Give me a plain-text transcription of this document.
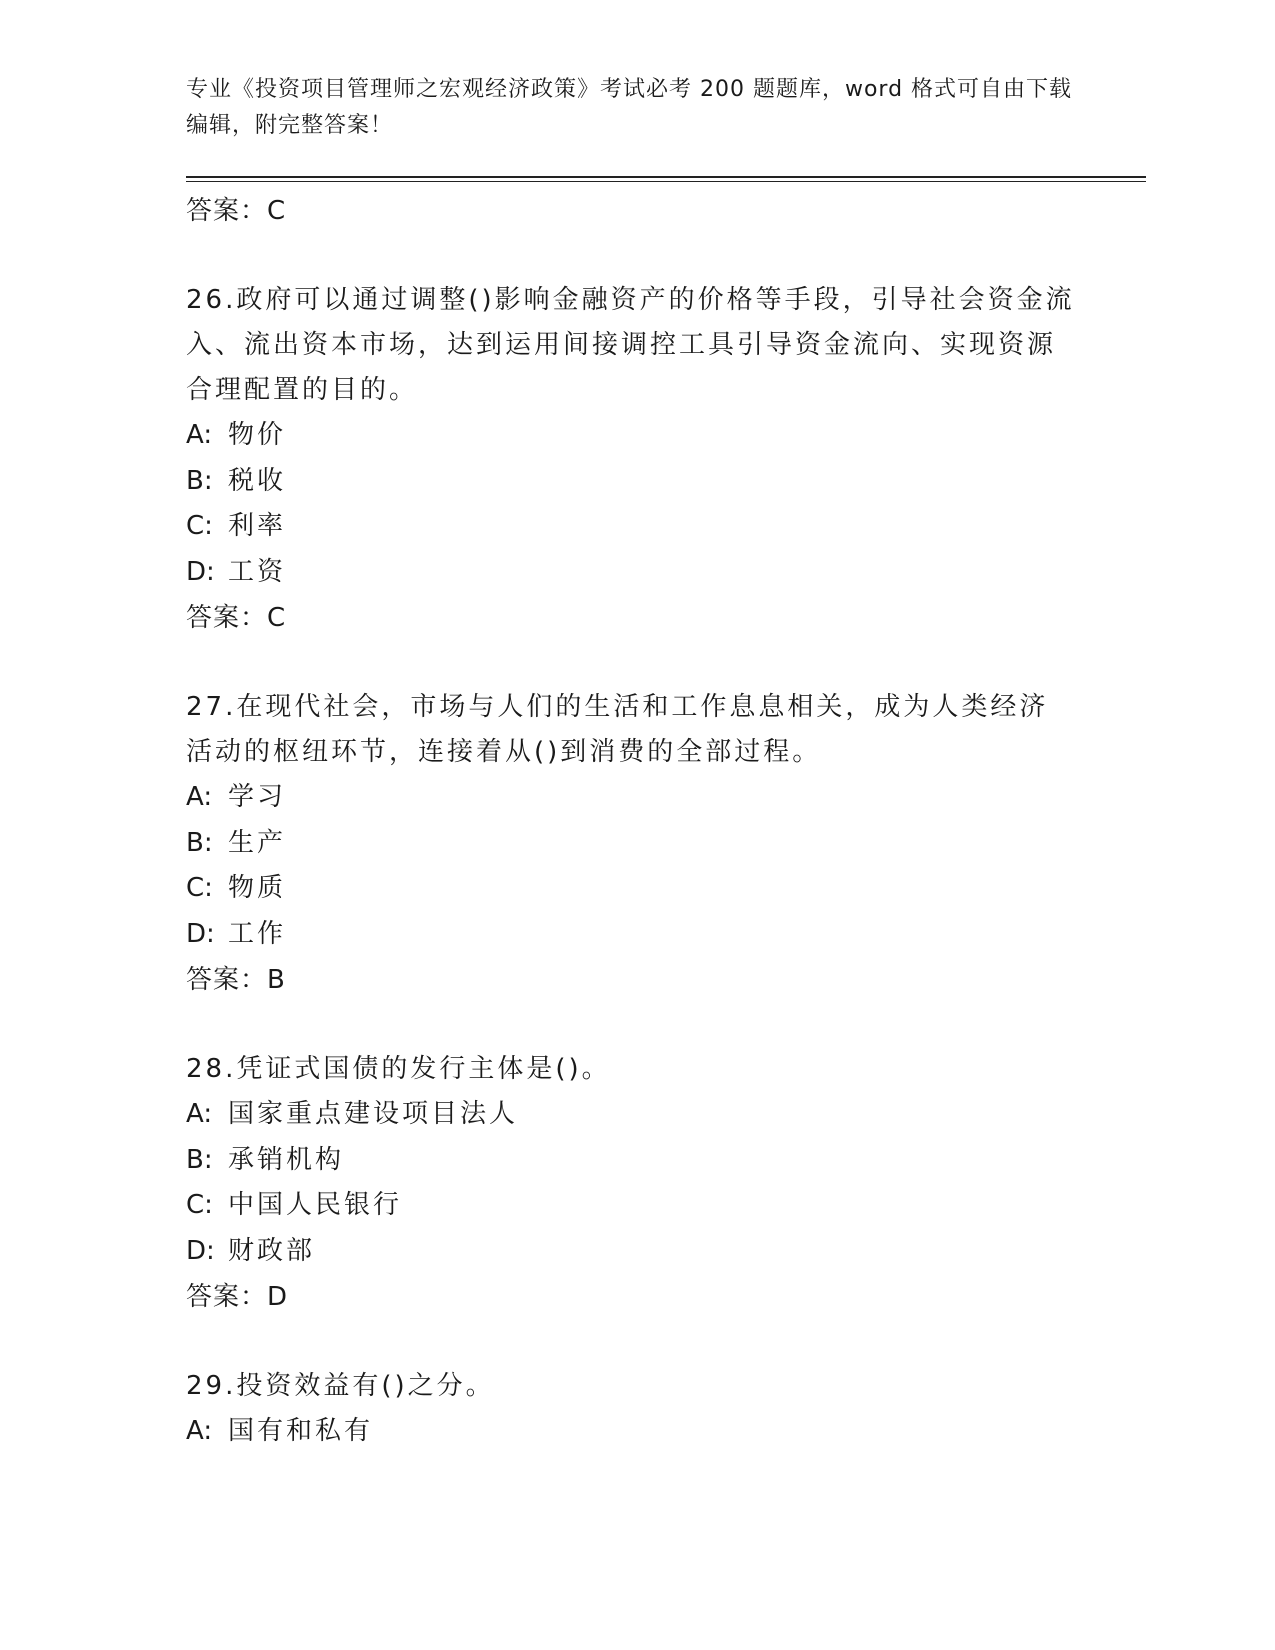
专业《投资项目管理师之宏观经济政策》考试必考 200 题题库，word 格式可自由下载编辑，附完整答案！

答案：C

26.政府可以通过调整()影响金融资产的价格等手段，引导社会资金流入、流出资本市场，达到运用间接调控工具引导资金流向、实现资源合理配置的目的。

A: 物价

B: 税收

C: 利率

D: 工资

答案：C

27.在现代社会，市场与人们的生活和工作息息相关，成为人类经济活动的枢纽环节，连接着从()到消费的全部过程。

A: 学习

B: 生产

C: 物质

D: 工作

答案：B

28.凭证式国债的发行主体是()。

A: 国家重点建设项目法人

B: 承销机构

C: 中国人民银行

D: 财政部

答案：D

29.投资效益有()之分。

A: 国有和私有
